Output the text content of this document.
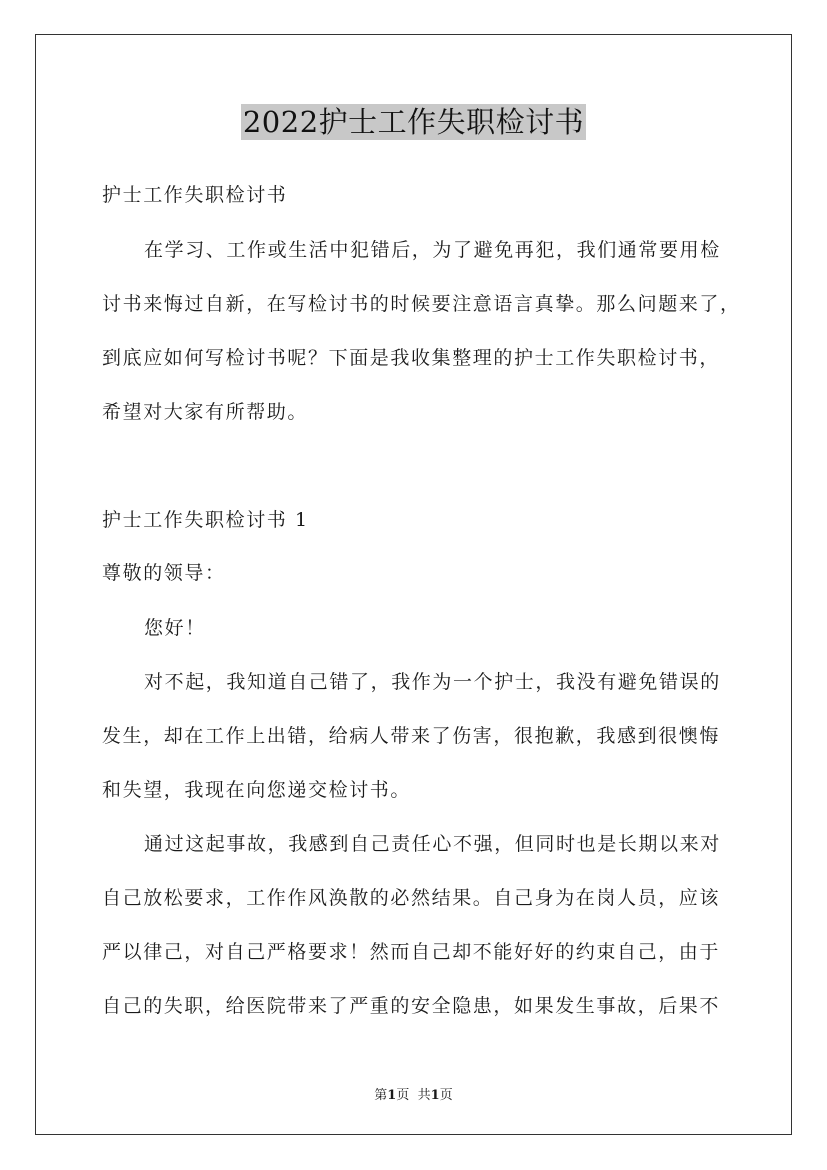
2022护士工作失职检讨书
护士工作失职检讨书
在学习、工作或生活中犯错后，为了避免再犯，我们通常要用检
讨书来悔过自新，在写检讨书的时候要注意语言真挚。那么问题来了，
到底应如何写检讨书呢？下面是我收集整理的护士工作失职检讨书，
希望对大家有所帮助。
护士工作失职检讨书 1
尊敬的领导：
您好！
对不起，我知道自己错了，我作为一个护士，我没有避免错误的
发生，却在工作上出错，给病人带来了伤害，很抱歉，我感到很懊悔
和失望，我现在向您递交检讨书。
通过这起事故，我感到自己责任心不强，但同时也是长期以来对
自己放松要求，工作作风涣散的必然结果。自己身为在岗人员，应该
严以律己，对自己严格要求！然而自己却不能好好的约束自己，由于
自己的失职，给医院带来了严重的安全隐患，如果发生事故，后果不
第1页 共1页
